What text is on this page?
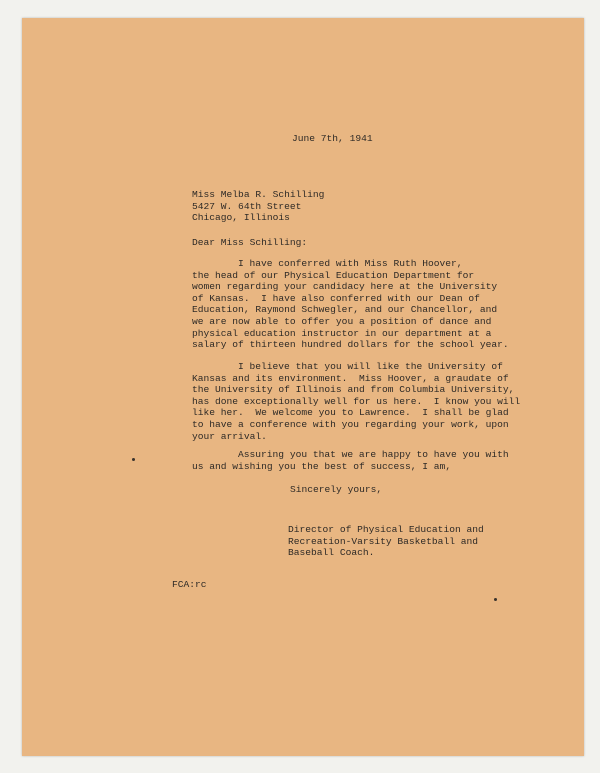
June 7th, 1941
Miss Melba R. Schilling
5427 W. 64th Street
Chicago, Illinois
Dear Miss Schilling:
I have conferred with Miss Ruth Hoover,
the head of our Physical Education Department for
women regarding your candidacy here at the University
of Kansas.  I have also conferred with our Dean of
Education, Raymond Schwegler, and our Chancellor, and
we are now able to offer you a position of dance and
physical education instructor in our department at a
salary of thirteen hundred dollars for the school year.
I believe that you will like the University of
Kansas and its environment.  Miss Hoover, a graudate of
the University of Illinois and from Columbia University,
has done exceptionally well for us here.  I know you will
like her.  We welcome you to Lawrence.  I shall be glad
to have a conference with you regarding your work, upon
your arrival.
Assuring you that we are happy to have you with
us and wishing you the best of success, I am,
Sincerely yours,
Director of Physical Education and
Recreation-Varsity Basketball and
Baseball Coach.
FCA:rc
